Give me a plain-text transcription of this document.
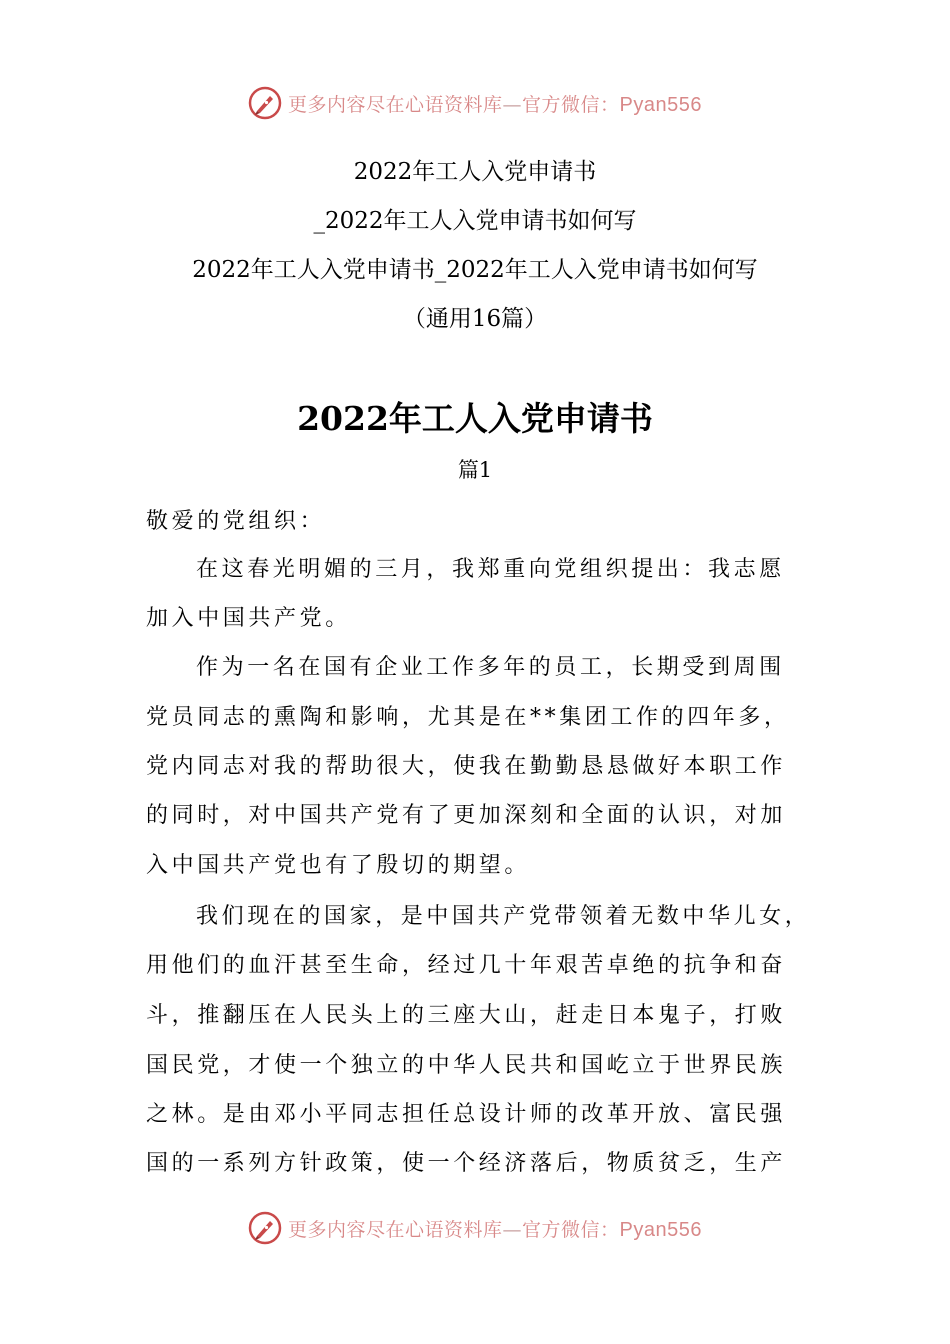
更多内容尽在心语资料库—官方微信：Pyan556
2022年工人入党申请书
_2022年工人入党申请书如何写
2022年工人入党申请书_2022年工人入党申请书如何写
（通用16篇）
2022年工人入党申请书
篇1
敬爱的党组织：
在这春光明媚的三月，我郑重向党组织提出：我志愿
加入中国共产党。
作为一名在国有企业工作多年的员工，长期受到周围
党员同志的熏陶和影响，尤其是在**集团工作的四年多，
党内同志对我的帮助很大，使我在勤勤恳恳做好本职工作
的同时，对中国共产党有了更加深刻和全面的认识，对加
入中国共产党也有了殷切的期望。
我们现在的国家，是中国共产党带领着无数中华儿女，
用他们的血汗甚至生命，经过几十年艰苦卓绝的抗争和奋
斗，推翻压在人民头上的三座大山，赶走日本鬼子，打败
国民党，才使一个独立的中华人民共和国屹立于世界民族
之林。是由邓小平同志担任总设计师的改革开放、富民强
国的一系列方针政策，使一个经济落后，物质贫乏，生产
更多内容尽在心语资料库—官方微信：Pyan556
